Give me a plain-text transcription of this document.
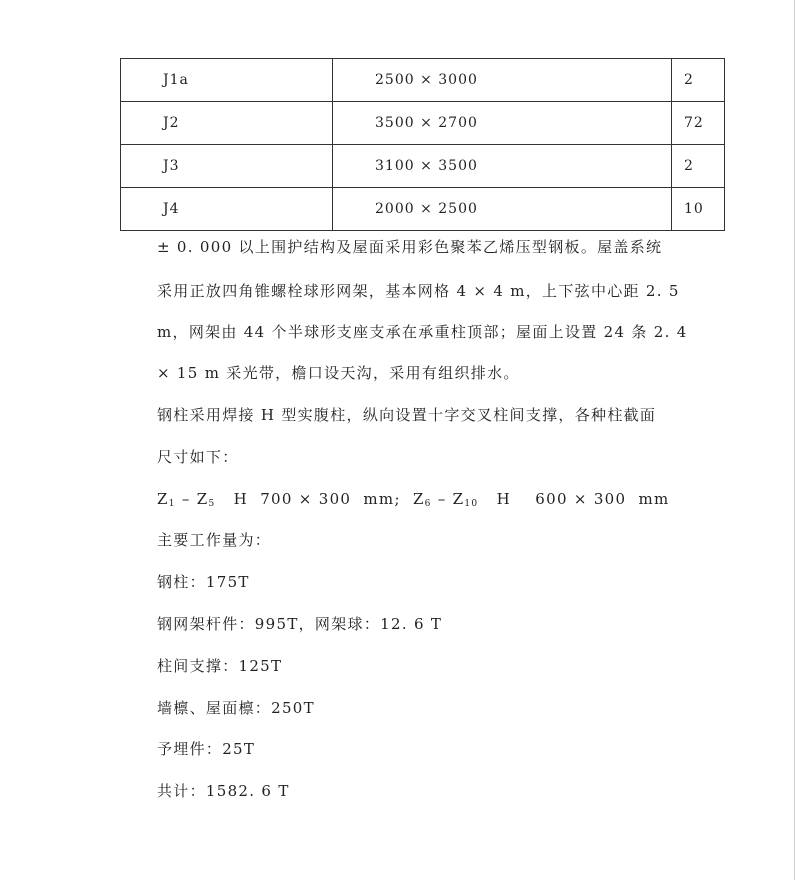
J1a	2500 × 3000	2
J2	3500 × 2700	72
J3	3100 × 3500	2
J4	2000 × 2500	10
± 0. 000 以上围护结构及屋面采用彩色聚苯乙烯压型钢板。屋盖系统
采用正放四角锥螺栓球形网架，基本网格 4 × 4 m，上下弦中心距 2. 5
m，网架由 44 个半球形支座支承在承重柱顶部；屋面上设置 24 条 2. 4
× 15 m 采光带，檐口设天沟，采用有组织排水。
钢柱采用焊接 H 型实腹柱，纵向设置十字交叉柱间支撑，各种柱截面
尺寸如下：
$Z_1 - Z_5$   H  700 × 300  mm;  $Z_6 - Z_{10}$   H    600 × 300  mm
主要工作量为：
钢柱：175T
钢网架杆件：995T，网架球：12. 6 T
柱间支撑：125T
墙檩、屋面檩：250T
予埋件：25T
共计：1582. 6 T
